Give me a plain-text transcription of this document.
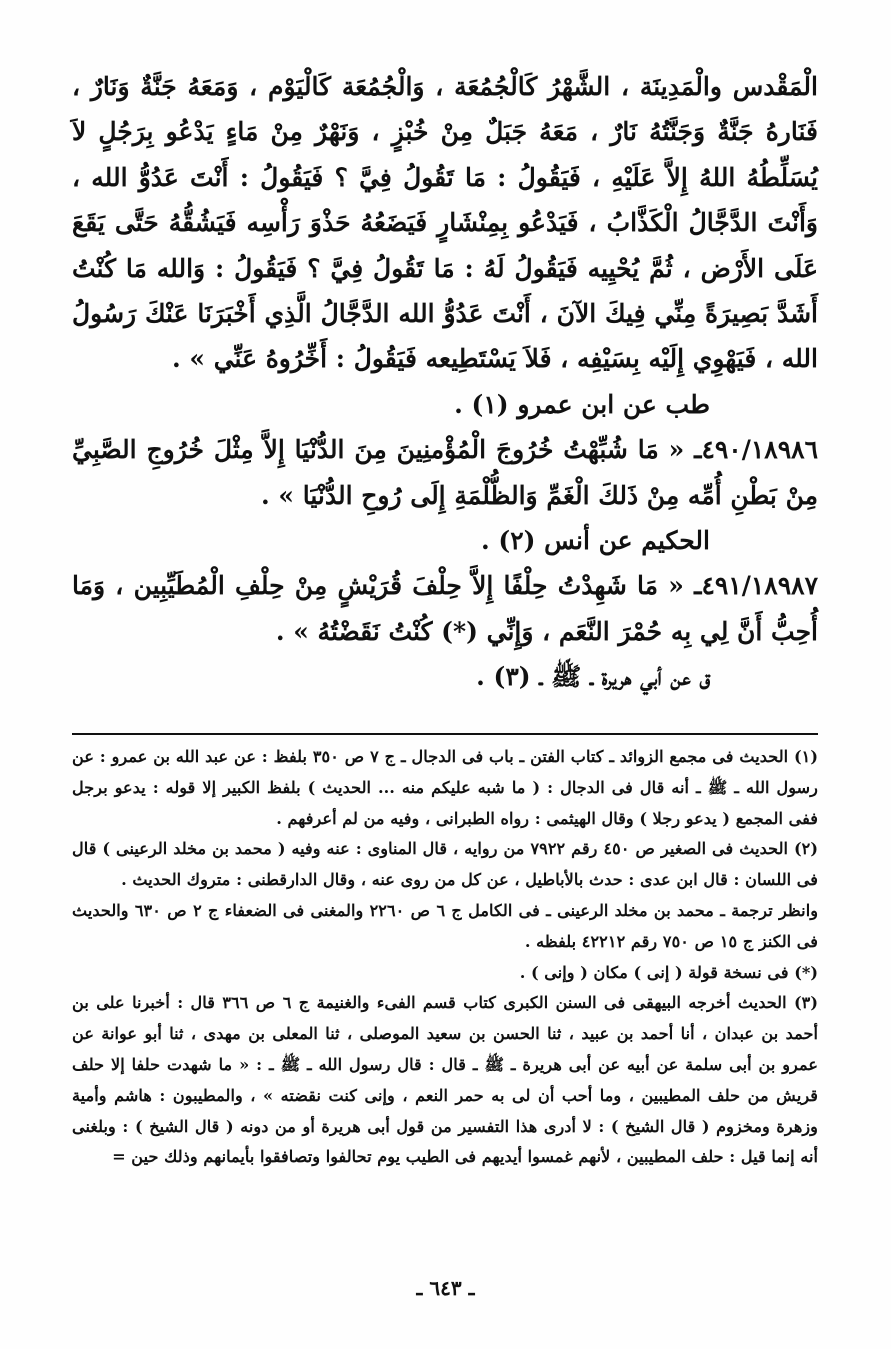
الْمَقْدس والْمَدِينَة ، الشَّهْرُ كَالْجُمُعَة ، وَالْجُمُعَة كَالْيَوْم ، وَمَعَهُ جَنَّةٌ وَنَارٌ ، فَنَارهُ جَنَّةٌ وَجَنَّتُهُ نَارٌ ، مَعَهُ جَبَلٌ مِنْ خُبْزٍ ، وَنَهْرٌ مِنْ مَاءٍ يَدْعُو بِرَجُلٍ لاَ يُسَلِّطُهُ اللهُ إِلاَّ عَلَيْهِ ، فَيَقُولُ : مَا تَقُولُ فِيَّ ؟ فَيَقُولُ : أَنْتَ عَدُوُّ الله ، وَأَنْتَ الدَّجَّالُ الْكَذَّابُ ، فَيَدْعُو بِمِنْشَارٍ فَيَضَعُهُ حَذْوَ رَأْسِه فَيَشُقُّهُ حَتَّى يَقَعَ عَلَى الأَرْض ، ثُمَّ يُحْيِيه فَيَقُولُ لَهُ : مَا تَقُولُ فِيَّ ؟ فَيَقُولُ : وَالله مَا كُنْتُ أَشَدَّ بَصِيرَةً مِنِّي فِيكَ الآنَ ، أَنْتَ عَدُوُّ الله الدَّجَّالُ الَّذِي أَخْبَرَنَا عَنْكَ رَسُولُ الله ، فَيَهْوِي إِلَيْه بِسَيْفِه ، فَلاَ يَسْتَطِيعه فَيَقُولُ : أَخِّرُوهُ عَنِّي » .

طب عن ابن عمرو (١) .

٤٩٠/١٨٩٨٦ـ « مَا شُبِّهْتُ خُرُوجَ الْمُؤْمنِينَ مِنَ الدُّنْيَا إِلاَّ مِثْلَ خُرُوجِ الصَّبِيِّ مِنْ بَطْنِ أُمِّه مِنْ ذَلكَ الْغَمِّ وَالظُّلْمَةِ إِلَى رُوحِ الدُّنْيَا » .

الحكيم عن أنس (٢) .

٤٩١/١٨٩٨٧ـ « مَا شَهِدْتُ حِلْفًا إِلاَّ حِلْفَ قُرَيْشٍ مِنْ حِلْفِ الْمُطَيِّبِين ، وَمَا أُحِبُّ أَنَّ لِي بِه حُمْرَ النَّعَم ، وَإِنِّي (*) كُنْتُ نَقَضْتُهُ » .

ق عن أبي هريرة ـ ﷺ ـ (٣) .

(١) الحديث فى مجمع الزوائد ـ كتاب الفتن ـ باب فى الدجال ـ ج ٧ ص ٣٥٠ بلفظ : عن عبد الله بن عمرو : عن رسول الله ـ ﷺ ـ أنه قال فى الدجال : ( ما شبه عليكم منه ... الحديث ) بلفظ الكبير إلا قوله : يدعو برجل ففى المجمع ( يدعو رجلا ) وقال الهيثمى : رواه الطبرانى ، وفيه من لم أعرفهم .

(٢) الحديث فى الصغير ص ٤٥٠ رقم ٧٩٢٢ من روايه ، قال المناوى : عنه وفيه ( محمد بن مخلد الرعينى ) قال فى اللسان : قال ابن عدى : حدث بالأباطيل ، عن كل من روى عنه ، وقال الدارقطنى : متروك الحديث .

وانظر ترجمة ـ محمد بن مخلد الرعينى ـ فى الكامل ج ٦ ص ٢٢٦٠ والمغنى فى الضعفاء ج ٢ ص ٦٣٠ والحديث فى الكنز ج ١٥ ص ٧٥٠ رقم ٤٢٢١٢ بلفظه .

(*) فى نسخة قولة ( إنى ) مكان ( وإنى ) .

(٣) الحديث أخرجه البيهقى فى السنن الكبرى كتاب قسم الفىء والغنيمة ج ٦ ص ٣٦٦ قال : أخبرنا على بن أحمد بن عبدان ، أنا أحمد بن عبيد ، ثنا الحسن بن سعيد الموصلى ، ثنا المعلى بن مهدى ، ثنا أبو عوانة عن عمرو بن أبى سلمة عن أبيه عن أبى هريرة ـ ﷺ ـ قال : قال رسول الله ـ ﷺ ـ : « ما شهدت حلفا إلا حلف قريش من حلف المطيبين ، وما أحب أن لى به حمر النعم ، وإنى كنت نقضته » ، والمطيبون : هاشم وأمية وزهرة ومخزوم ( قال الشيخ ) : لا أدرى هذا التفسير من قول أبى هريرة أو من دونه ( قال الشيخ ) : وبلغنى أنه إنما قيل : حلف المطيبين ، لأنهم غمسوا أيديهم فى الطيب يوم تحالفوا وتصافقوا بأيمانهم وذلك حين =

ـ ٦٤٣ ـ
